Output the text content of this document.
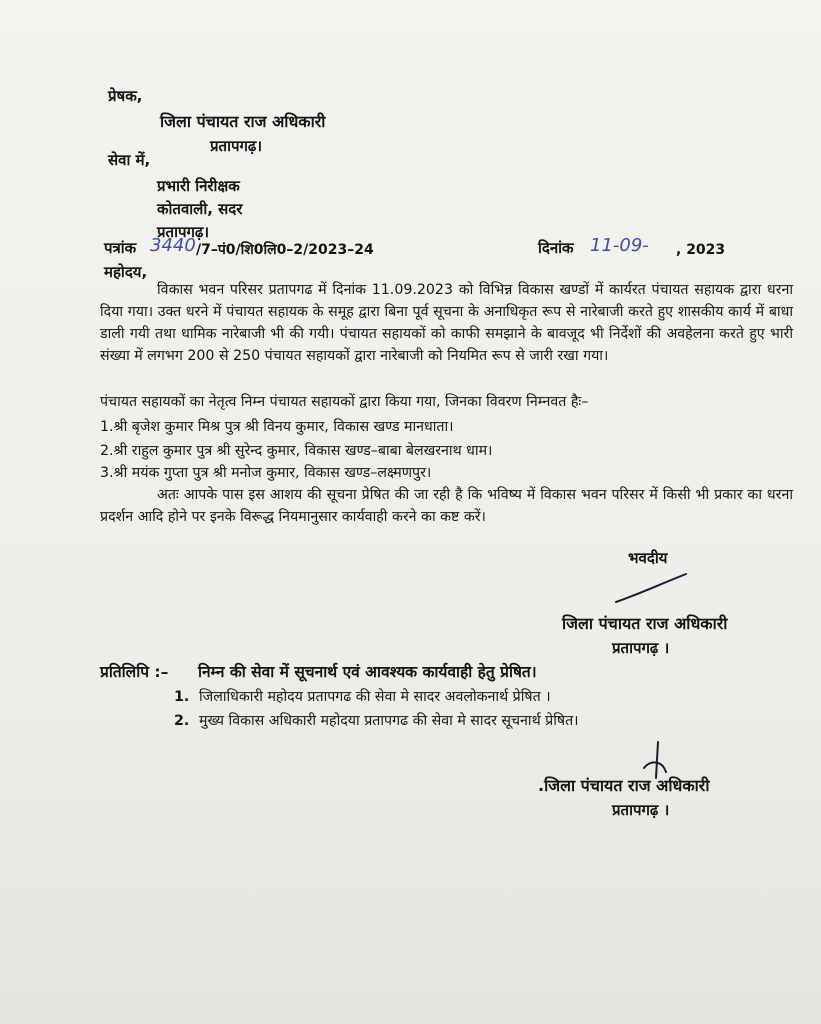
प्रेषक,
जिला पंचायत राज अधिकारी
प्रतापगढ़।
सेवा में,
प्रभारी निरीक्षक
कोतवाली, सदर
प्रतापगढ़।
पत्रांक 3440 /7–पं0/शि0लि0–2/2023–24	दिनांक 11-09- , 2023
महोदय,
विकास भवन परिसर प्रतापगढ में दिनांक 11.09.2023 को विभिन्न विकास खण्डों में कार्यरत पंचायत सहायक द्वारा धरना दिया गया। उक्त धरने में पंचायत सहायक के समूह द्वारा बिना पूर्व सूचना के अनाधिकृत रूप से नारेबाजी करते हुए शासकीय कार्य में बाधा डाली गयी तथा धामिक नारेबाजी भी की गयी। पंचायत सहायकों को काफी समझाने के बावजूद भी निर्देशों की अवहेलना करते हुए भारी संख्या में लगभग 200 से 250 पंचायत सहायकों द्वारा नारेबाजी को नियमित रूप से जारी रखा गया।
पंचायत सहायकों का नेतृत्व निम्न पंचायत सहायकों द्वारा किया गया, जिनका विवरण निम्नवत हैः–
1.श्री बृजेश कुमार मिश्र पुत्र श्री विनय कुमार, विकास खण्ड मानधाता।
2.श्री राहुल कुमार पुत्र श्री सुरेन्द कुमार, विकास खण्ड–बाबा बेलखरनाथ धाम।
3.श्री मयंक गुप्ता पुत्र श्री मनोज कुमार, विकास खण्ड–लक्ष्मणपुर।
अतः आपके पास इस आशय की सूचना प्रेषित की जा रही है कि भविष्य में विकास भवन परिसर में किसी भी प्रकार का धरना प्रदर्शन आदि होने पर इनके विरूद्ध नियमानुसार कार्यवाही करने का कष्ट करें।
भवदीय
जिला पंचायत राज अधिकारी
प्रतापगढ़ ।
प्रतिलिपि :– निम्न की सेवा में सूचनार्थ एवं आवश्यक कार्यवाही हेतु प्रेषित।
1. जिलाधिकारी महोदय प्रतापगढ की सेवा मे सादर अवलोकनार्थ प्रेषित ।
2. मुख्य विकास अधिकारी महोदया प्रतापगढ की सेवा मे सादर सूचनार्थ प्रेषित।
.जिला पंचायत राज अधिकारी
प्रतापगढ़ ।
